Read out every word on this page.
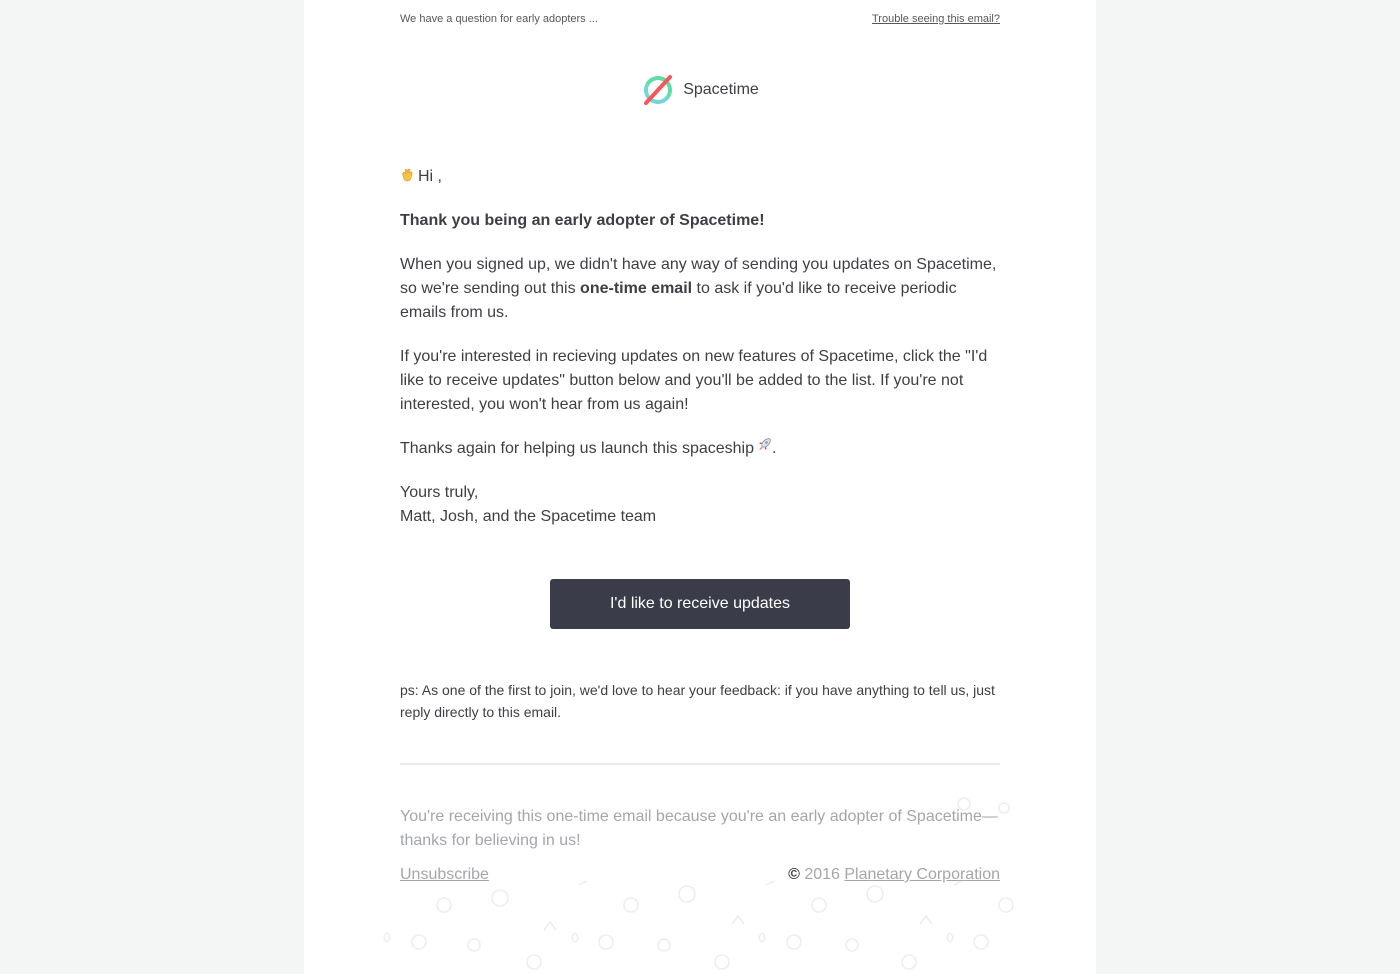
We have a question for early adopters ...	Trouble seeing this email?
Spacetime

Hi ,

Thank you being an early adopter of Spacetime!

When you signed up, we didn't have any way of sending you updates on Spacetime, so we're sending out this one-time email to ask if you'd like to receive periodic emails from us.

If you're interested in recieving updates on new features of Spacetime, click the "I'd like to receive updates" button below and you'll be added to the list. If you're not interested, you won't hear from us again!

Thanks again for helping us launch this spaceship .

Yours truly,

Matt, Josh, and the Spacetime team

I'd like to receive updates
ps: As one of the first to join, we'd love to hear your feedback: if you have anything to tell us, just reply directly to this email.
You're receiving this one-time email because you're an early adopter of Spacetime—thanks for believing in us!
Unsubscribe	© 2016 Planetary Corporation
